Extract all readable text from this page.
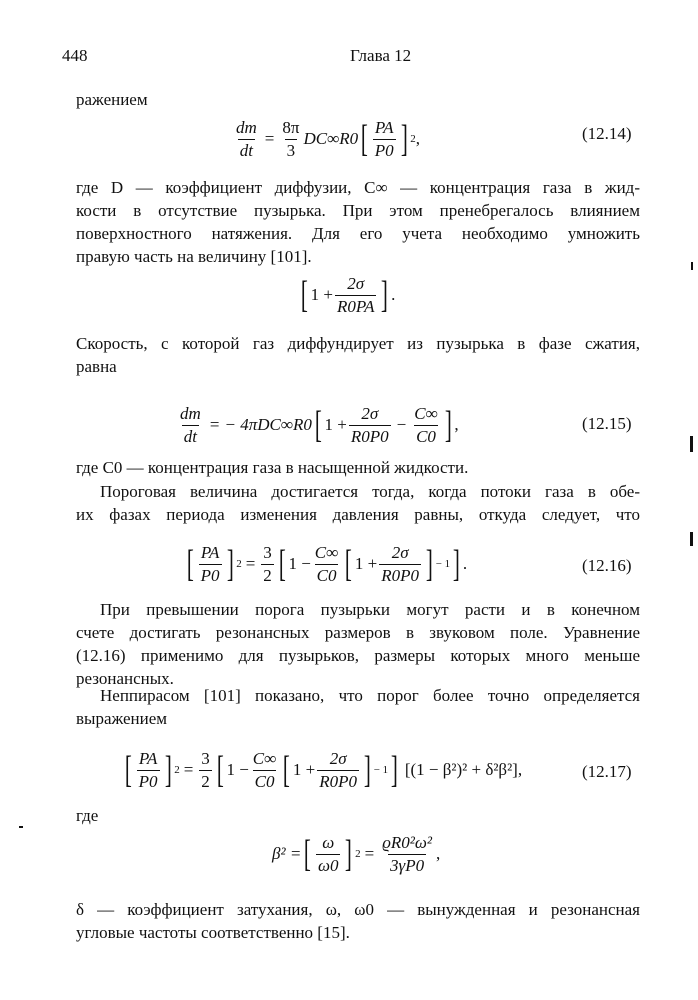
448	Глава 12
ражением
$\frac{dm}{dt} = \frac{8\pi}{3} DC\infty R0$ [ $\frac{PA}{P0}$ ] 2 ,	(12.14)
где D — коэффициент диффузии, C∞ — концентрация газа в жид-
кости в отсутствие пузырька. При этом пренебрегалось влиянием
поверхностного натяжения. Для его учета необходимо умножить
правую часть на величину [101].
[ $1 + \frac{2\sigma}{R0PA}$ ] .
Скорость, с которой газ диффундирует из пузырька в фазе сжатия,
равна
$\frac{dm}{dt}$ = − 4πDC∞R0 [ $1 + \frac{2\sigma}{R0P0} - \frac{C\infty}{C0}$ ] ,	(12.15)
где C0 — концентрация газа в насыщенной жидкости.
Пороговая величина достигается тогда, когда потоки газа в обе-
их фазах периода изменения давления равны, откуда следует, что
[ $\frac{PA}{P0}$ ] $2 = \frac{3}{2}$ [ $1 - \frac{C\infty}{C0}$ [ $1 + \frac{2\sigma}{R0P0}$ ] − 1 ] .	(12.16)
При превышении порога пузырьки могут расти и в конечном
счете достигать резонансных размеров в звуковом поле. Уравнение
(12.16) применимо для пузырьков, размеры которых много меньше
резонансных.
Неппирасом [101] показано, что порог более точно определяется
выражением
[ $\frac{PA}{P0}$ ] $2 = \frac{3}{2}$ [ $1 - \frac{C\infty}{C0}$ [ $1 + \frac{2\sigma}{R0P0}$ ] − 1 ] [(1 − β²)² + δ²β²],	(12.17)
где
β² = [ $\frac{\omega}{\omega 0}$ ] $2 = \frac{\text{ϱR0²ω²}}{3\gamma P0}$ ,
δ — коэффициент затухания, ω, ω0 — вынужденная и резонансная
угловые частоты соответственно [15].
